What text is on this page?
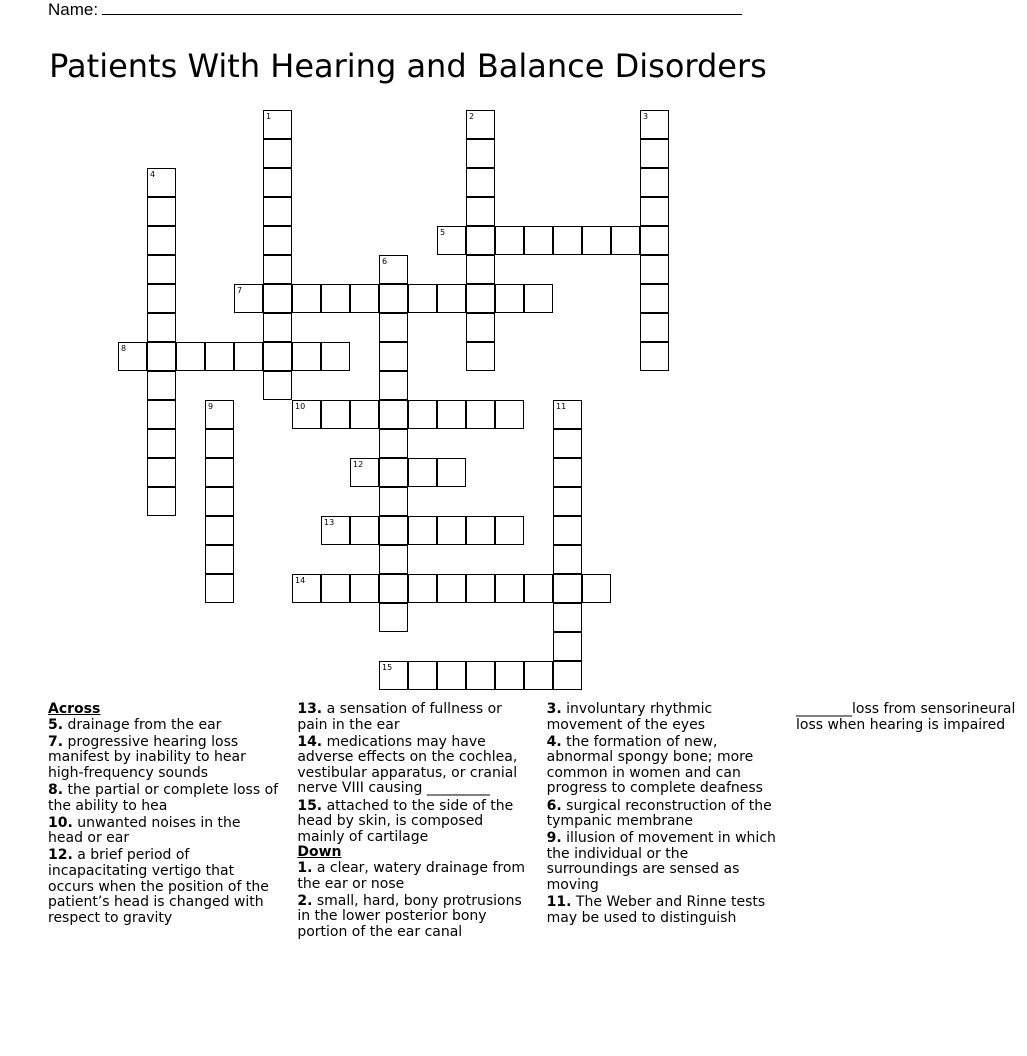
Name:
Patients With Hearing and Balance Disorders
1	2	3
4
5
6
7
8
9	10	11
12
13
14
15
Across
5. drainage from the ear
7. progressive hearing loss manifest by inability to hear high-frequency sounds
8. the partial or complete loss of the ability to hea
10. unwanted noises in the head or ear
12. a brief period of incapacitating vertigo that occurs when the position of the patient’s head is changed with respect to gravity
13. a sensation of fullness or pain in the ear
14. medications may have adverse effects on the cochlea, vestibular apparatus, or cranial nerve VIII causing _________
15. attached to the side of the head by skin, is composed mainly of cartilage
Down
1. a clear, watery drainage from the ear or nose
2. small, hard, bony protrusions in the lower posterior bony portion of the ear canal
3. involuntary rhythmic movement of the eyes
4. the formation of new, abnormal spongy bone; more common in women and can progress to complete deafness
6. surgical reconstruction of the tympanic membrane
9. illusion of movement in which the individual or the surroundings are sensed as moving
11. The Weber and Rinne tests may be used to distinguish ________loss from sensorineural loss when hearing is impaired
